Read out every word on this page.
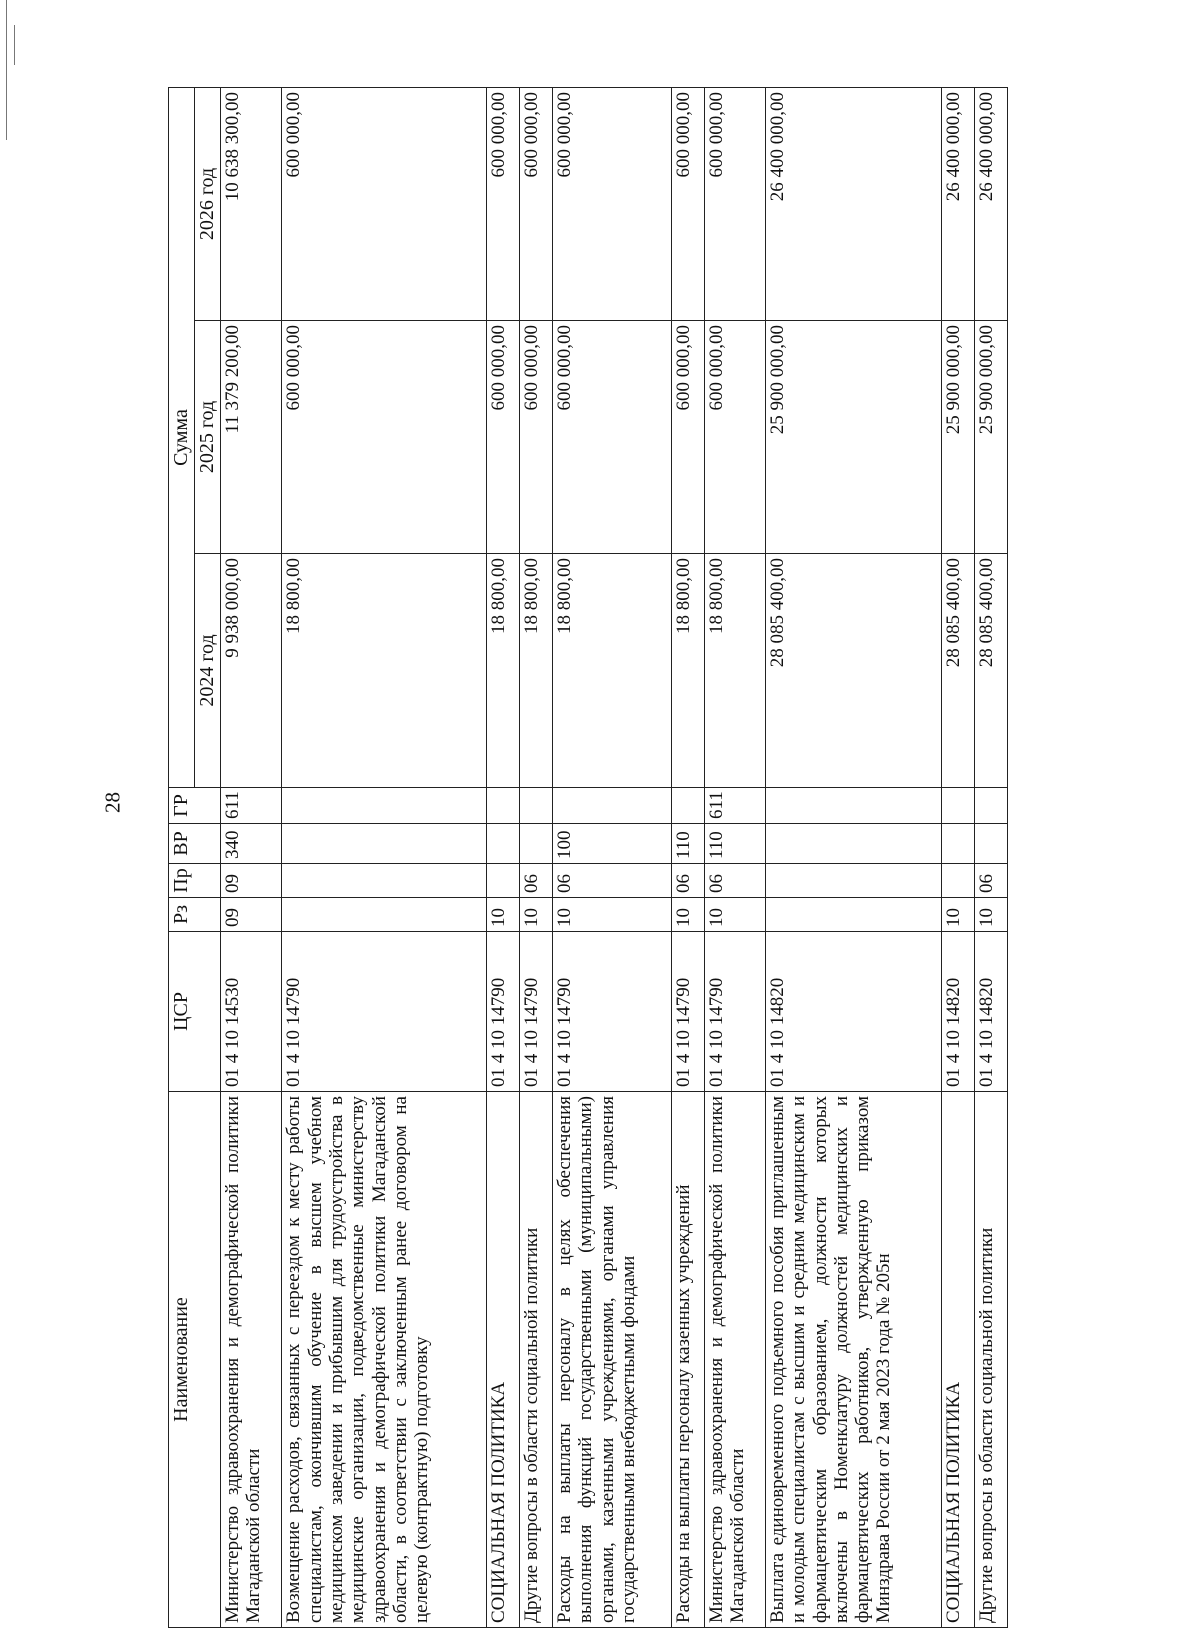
28
Наименование	ЦСР	Рз	Пр	ВР	ГР	Сумма		
						2024 год	2025 год	2026 год
Министерство здравоохранения и демографической политики Магаданской области	01 4 10 14530	09	09	340	611	9 938 000,00	11 379 200,00	10 638 300,00
Возмещение расходов, связанных с переездом к месту работы специалистам, окончившим обучение в высшем учебном медицинском заведении и прибывшим для трудоустройства в медицинские организации, подведомственные министерству здравоохранения и демографической политики Магаданской области, в соответствии с заключенным ранее договором на целевую (контрактную) подготовку	01 4 10 14790					18 800,00	600 000,00	600 000,00
СОЦИАЛЬНАЯ ПОЛИТИКА	01 4 10 14790	10				18 800,00	600 000,00	600 000,00
Другие вопросы в области социальной политики	01 4 10 14790	10	06			18 800,00	600 000,00	600 000,00
Расходы на выплаты персоналу в целях обеспечения выполнения функций государственными (муниципальными) органами, казенными учреждениями, органами управления государственными внебюджетными фондами	01 4 10 14790	10	06	100		18 800,00	600 000,00	600 000,00
Расходы на выплаты персоналу казенных учреждений	01 4 10 14790	10	06	110		18 800,00	600 000,00	600 000,00
Министерство здравоохранения и демографической политики Магаданской области	01 4 10 14790	10	06	110	611	18 800,00	600 000,00	600 000,00
Выплата единовременного подъемного пособия приглашенным и молодым специалистам с высшим и средним медицинским и фармацевтическим образованием, должности которых включены в Номенклатуру должностей медицинских и фармацевтических работников, утвержденную приказом Минздрава России от 2 мая 2023 года № 205н	01 4 10 14820					28 085 400,00	25 900 000,00	26 400 000,00
СОЦИАЛЬНАЯ ПОЛИТИКА	01 4 10 14820	10				28 085 400,00	25 900 000,00	26 400 000,00
Другие вопросы в области социальной политики	01 4 10 14820	10	06			28 085 400,00	25 900 000,00	26 400 000,00
